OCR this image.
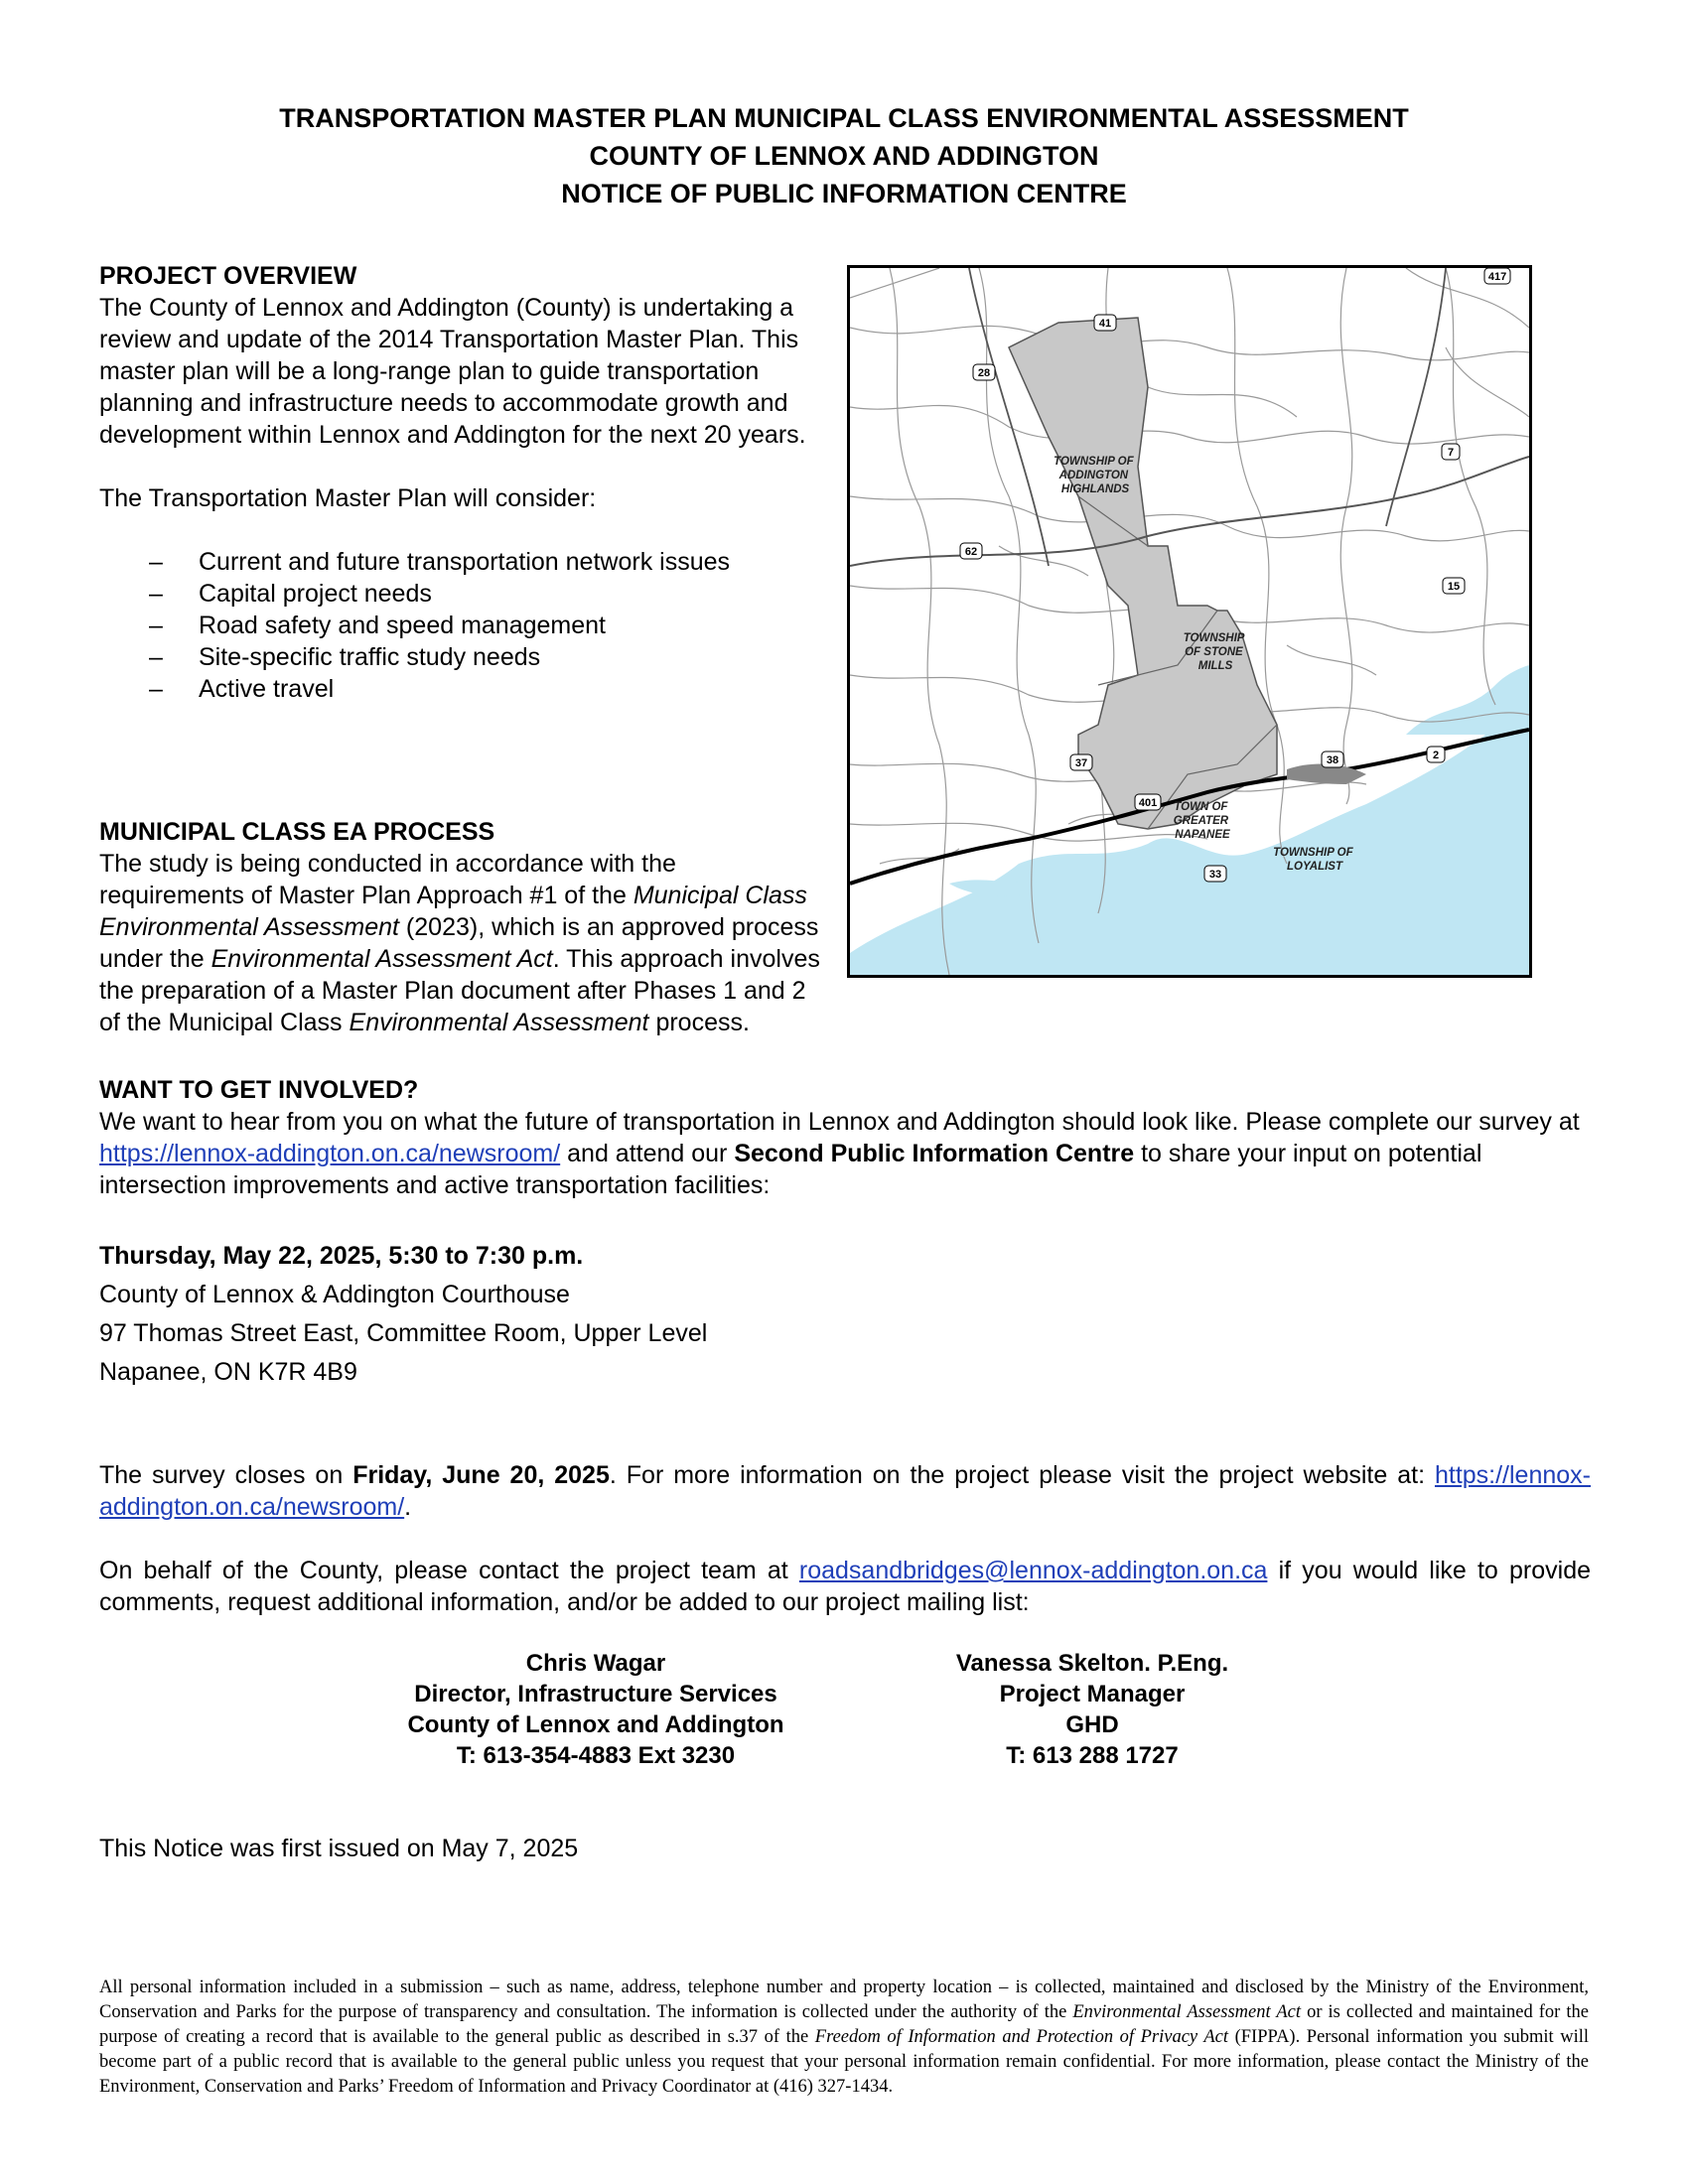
TRANSPORTATION MASTER PLAN MUNICIPAL CLASS ENVIRONMENTAL ASSESSMENT
COUNTY OF LENNOX AND ADDINGTON
NOTICE OF PUBLIC INFORMATION CENTRE
PROJECT OVERVIEW
The County of Lennox and Addington (County) is undertaking a review and update of the 2014 Transportation Master Plan. This master plan will be a long-range plan to guide transportation planning and infrastructure needs to accommodate growth and development within Lennox and Addington for the next 20 years.
The Transportation Master Plan will consider:
– Current and future transportation network issues
– Capital project needs
– Road safety and speed management
– Site-specific traffic study needs
– Active travel
417
41
28
7
62
15
37	38	2
401
33
TOWNSHIP OF ADDINGTON HIGHLANDS
TOWNSHIP OF STONE MILLS
TOWN OF GREATER NAPANEE
TOWNSHIP OF LOYALIST
MUNICIPAL CLASS EA PROCESS
The study is being conducted in accordance with the requirements of Master Plan Approach #1 of the Municipal Class Environmental Assessment (2023), which is an approved process under the Environmental Assessment Act. This approach involves the preparation of a Master Plan document after Phases 1 and 2 of the Municipal Class Environmental Assessment process.
WANT TO GET INVOLVED?
We want to hear from you on what the future of transportation in Lennox and Addington should look like. Please complete our survey at https://lennox-addington.on.ca/newsroom/ and attend our Second Public Information Centre to share your input on potential intersection improvements and active transportation facilities:
Thursday, May 22, 2025, 5:30 to 7:30 p.m.
County of Lennox & Addington Courthouse
97 Thomas Street East, Committee Room, Upper Level
Napanee, ON K7R 4B9
The survey closes on Friday, June 20, 2025. For more information on the project please visit the project website at: https://lennox-addington.on.ca/newsroom/.
On behalf of the County, please contact the project team at roadsandbridges@lennox-addington.on.ca if you would like to provide comments, request additional information, and/or be added to our project mailing list:
Chris Wagar
Director, Infrastructure Services
County of Lennox and Addington
T: 613-354-4883 Ext 3230
Vanessa Skelton. P.Eng.
Project Manager
GHD
T: 613 288 1727
This Notice was first issued on May 7, 2025
All personal information included in a submission – such as name, address, telephone number and property location – is collected, maintained and disclosed by the Ministry of the Environment, Conservation and Parks for the purpose of transparency and consultation. The information is collected under the authority of the Environmental Assessment Act or is collected and maintained for the purpose of creating a record that is available to the general public as described in s.37 of the Freedom of Information and Protection of Privacy Act (FIPPA). Personal information you submit will become part of a public record that is available to the general public unless you request that your personal information remain confidential. For more information, please contact the Ministry of the Environment, Conservation and Parks’ Freedom of Information and Privacy Coordinator at (416) 327-1434.
